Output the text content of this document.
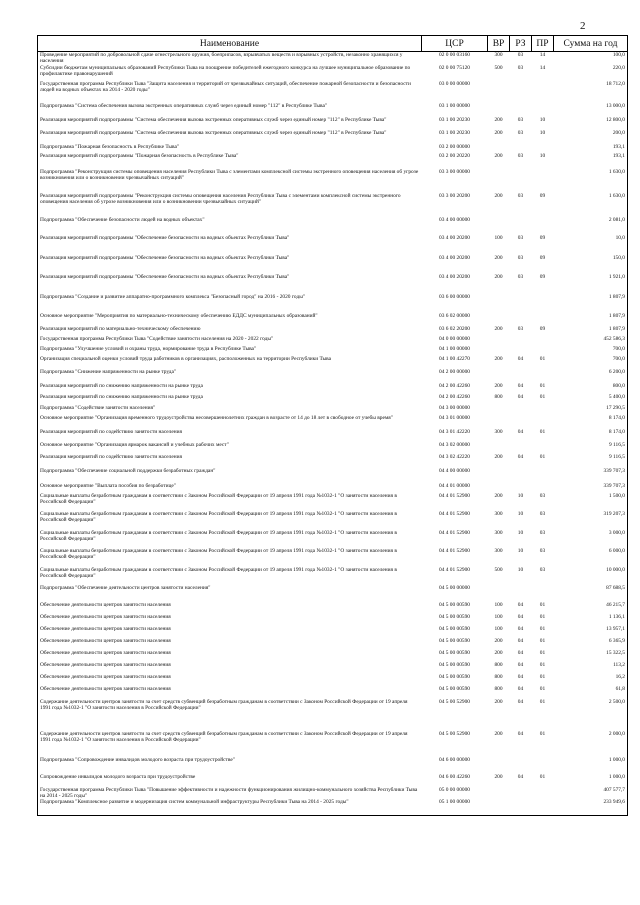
2
Наименование	ЦСР	ВР	РЗ	ПР	Сумма на год
Проведение мероприятий по добровольной сдаче огнестрельного оружия, боеприпасов, взрывчатых веществ и взрывных устройств, незаконно хранящихся у населения	02 0 00 03160	300	03	14	100,0
Субсидии бюджетам муниципальных образований Республики Тыва на поощрение победителей ежегодного конкурса на лучшее муниципальное образование по профилактике правонарушений	02 0 00 75120	500	03	14	220,0
Государственная программа Республики Тыва "Защита населения и территорий от чрезвычайных ситуаций, обеспечение пожарной безопасности и безопасности людей на водных объектах на 2014 - 2020 годы"	03 0 00 00000				18 712,0
Подпрограмма "Система обеспечения вызова экстренных оперативных служб через единый номер "112" в Республике Тыва"	03 1 00 00000				13 000,0
Реализация мероприятий подпрограммы "Система обеспечения вызова экстренных оперативных служб через единый номер "112" в Республике Тыва"	03 1 00 20230	200	03	10	12 800,0
Реализация мероприятий подпрограммы "Система обеспечения вызова экстренных оперативных служб через единый номер "112" в Республике Тыва"	03 1 00 20230	200	03	10	200,0
Подпрограмма "Пожарная безопасность в Республике Тыва"	03 2 00 00000				193,1
Реализация мероприятий подпрограммы "Пожарная безопасность в Республике Тыва"	03 2 00 20220	200	03	10	193,1
Подпрограмма "Реконструкция системы оповещения населения Республики Тыва с элементами комплексной системы экстренного оповещения населения об угрозе возникновения или о возникновении чрезвычайных ситуаций"	03 3 00 00000				1 630,0
Реализация мероприятий подпрограммы "Реконструкция системы оповещения населения Республики Тыва с элементами комплексной системы экстренного оповещения населения об угрозе возникновения или о возникновении чрезвычайных ситуаций"	03 3 00 20200	200	03	09	1 630,0
Подпрограмма "Обеспечение безопасности людей на водных объектах"	03 4 00 00000				2 081,0
Реализация мероприятий подпрограммы "Обеспечение безопасности на водных объектах Республики Тыва"	03 4 00 20200	100	03	09	10,0
Реализация мероприятий подпрограммы "Обеспечение безопасности на водных объектах Республики Тыва"	03 4 00 20200	200	03	09	150,0
Реализация мероприятий подпрограммы "Обеспечение безопасности на водных объектах Республики Тыва"	03 4 00 20200	200	03	09	1 921,0
Подпрограмма "Создание и развитие аппаратно-программного комплекса "Безопасный город" на 2016 - 2020 годы"	03 6 00 00000				1 807,9
Основное мероприятие "Мероприятия по материально-техническому обеспечению ЕДДС муниципальных образований"	03 6 02 00000				1 807,9
Реализация мероприятий по материально-техническому обеспечению	03 6 02 20200	200	03	09	1 807,9
Государственная программа Республики Тыва "Содействие занятости населения на 2020 - 2022 годы"	04 0 00 00000				452 586,3
Подпрограмма "Улучшение условий и охраны труда, нормирование труда в Республике Тыва"	04 1 00 00000				700,0
Организация специальной оценки условий труда работников в организациях, расположенных на территории Республики Тыва	04 1 00 42270	200	04	01	700,0
Подпрограмма "Снижение напряженности на рынке труда"	04 2 00 00000				6 200,0
Реализация мероприятий по снижению напряженности на рынке труда	04 2 00 42260	200	04	01	800,0
Реализация мероприятий по снижению напряженности на рынке труда	04 2 00 42260	800	04	01	5 400,0
Подпрограмма "Содействие занятости населения"	04 3 00 00000				17 290,5
Основное мероприятие "Организация временного трудоустройства несовершеннолетних граждан в возрасте от 14 до 18 лет в свободное от учебы время"	04 3 01 00000				8 174,0
Реализация мероприятий по содействию занятости населения	04 3 01 42220	300	04	01	8 174,0
Основное мероприятие "Организация ярмарок вакансий и учебных рабочих мест"	04 3 02 00000				9 116,5
Реализация мероприятий по содействию занятости населения	04 3 02 42220	200	04	01	9 116,5
Подпрограмма "Обеспечение социальной поддержки безработных граждан"	04 4 00 00000				339 707,3
Основное мероприятие "Выплата пособия по безработице"	04 4 01 00000				339 707,3
Социальные выплаты безработным гражданам в соответствии с Законом Российской Федерации от 19 апреля 1991 года №1032-1 "О занятости населения в Российской Федерации"	04 4 01 52900	200	10	03	1 500,0
Социальные выплаты безработным гражданам в соответствии с Законом Российской Федерации от 19 апреля 1991 года №1032-1 "О занятости населения в Российской Федерации"	04 4 01 52900	300	10	03	319 207,3
Социальные выплаты безработным гражданам в соответствии с Законом Российской Федерации от 19 апреля 1991 года №1032-1 "О занятости населения в Российской Федерации"	04 4 01 52900	300	10	03	3 000,0
Социальные выплаты безработным гражданам в соответствии с Законом Российской Федерации от 19 апреля 1991 года №1032-1 "О занятости населения в Российской Федерации"	04 4 01 52900	300	10	03	6 000,0
Социальные выплаты безработным гражданам в соответствии с Законом Российской Федерации от 19 апреля 1991 года №1032-1 "О занятости населения в Российской Федерации"	04 4 01 52900	500	10	03	10 000,0
Подпрограмма "Обеспечение деятельности центров занятости населения"	04 5 00 00000				87 688,5
Обеспечение деятельности центров занятости населения	04 5 00 00590	100	04	01	46 215,7
Обеспечение деятельности центров занятости населения	04 5 00 00590	100	04	01	1 136,1
Обеспечение деятельности центров занятости населения	04 5 00 00590	100	04	01	13 957,1
Обеспечение деятельности центров занятости населения	04 5 00 00590	200	04	01	6 365,9
Обеспечение деятельности центров занятости населения	04 5 00 00590	200	04	01	15 322,5
Обеспечение деятельности центров занятости населения	04 5 00 00590	800	04	01	113,2
Обеспечение деятельности центров занятости населения	04 5 00 00590	800	04	01	16,2
Обеспечение деятельности центров занятости населения	04 5 00 00590	800	04	01	61,8
Содержание деятельности центров занятости за счет средств субвенций безработным гражданам в соответствии с Законом Российской Федерации от 19 апреля 1991 года №1032-1 "О занятости населения в Российской Федерации"	04 5 00 52900	200	04	01	2 500,0
Содержание деятельности центров занятости за счет средств субвенций безработным гражданам в соответствии с Законом Российской Федерации от 19 апреля 1991 года №1032-1 "О занятости населения в Российской Федерации"	04 5 00 52900	200	04	01	2 000,0
Подпрограмма "Сопровождение инвалидов молодого возраста при трудоустройстве"	04 6 00 00000				1 000,0
Сопровождение инвалидов молодого возраста при трудоустройстве	04 6 00 42260	200	04	01	1 000,0
Государственная программа Республики Тыва "Повышение эффективности и надежности функционирования жилищно-коммунального хозяйства Республики Тыва на 2014 - 2025 годы"	05 0 00 00000				407 577,7
Подпрограмма "Комплексное развитие и модернизация систем коммунальной инфраструктуры Республики Тыва на 2014 - 2025 годы"	05 1 00 00000				233 949,6
